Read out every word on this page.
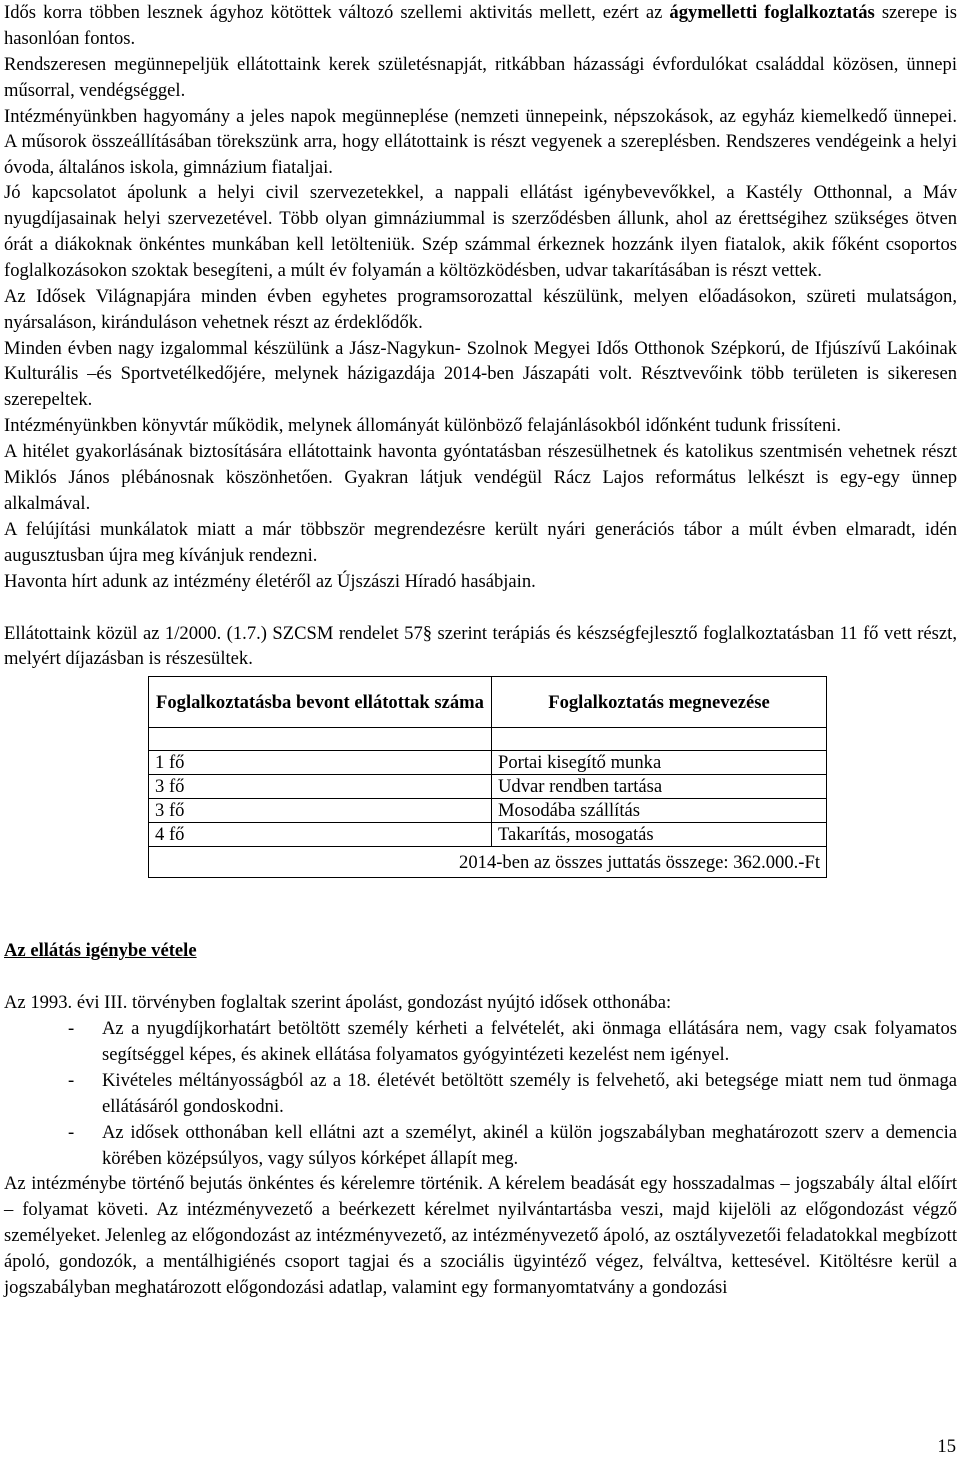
Idős korra többen lesznek ágyhoz kötöttek változó szellemi aktivitás mellett, ezért az ágymelletti foglalkoztatás szerepe is hasonlóan fontos.

Rendszeresen megünnepeljük ellátottaink kerek születésnapját, ritkábban házassági évfordulókat családdal közösen, ünnepi műsorral, vendégséggel.

Intézményünkben hagyomány a jeles napok megünneplése (nemzeti ünnepeink, népszokások, az egyház kiemelkedő ünnepei. A műsorok összeállításában törekszünk arra, hogy ellátottaink is részt vegyenek a szereplésben. Rendszeres vendégeink a helyi óvoda, általános iskola, gimnázium fiataljai.

Jó kapcsolatot ápolunk a helyi civil szervezetekkel, a nappali ellátást igénybevevőkkel, a Kastély Otthonnal, a Máv nyugdíjasainak helyi szervezetével. Több olyan gimnáziummal is szerződésben állunk, ahol az érettségihez szükséges ötven órát a diákoknak önkéntes munkában kell letölteniük. Szép számmal érkeznek hozzánk ilyen fiatalok, akik főként csoportos foglalkozásokon szoktak besegíteni, a múlt év folyamán a költözködésben, udvar takarításában is részt vettek.

Az Idősek Világnapjára minden évben egyhetes programsorozattal készülünk, melyen előadásokon, szüreti mulatságon, nyársaláson, kiránduláson vehetnek részt az érdeklődők.

Minden évben nagy izgalommal készülünk a Jász-Nagykun- Szolnok Megyei Idős Otthonok Szépkorú, de Ifjúszívű Lakóinak Kulturális –és Sportvetélkedőjére, melynek házigazdája 2014-ben Jászapáti volt. Résztvevőink több területen is sikeresen szerepeltek.

Intézményünkben könyvtár működik, melynek állományát különböző felajánlásokból időnként tudunk frissíteni.

A hitélet gyakorlásának biztosítására ellátottaink havonta gyóntatásban részesülhetnek és katolikus szentmisén vehetnek részt Miklós János plébánosnak köszönhetően. Gyakran látjuk vendégül Rácz Lajos református lelkészt is egy-egy ünnep alkalmával.

A felújítási munkálatok miatt a már többször megrendezésre került nyári generációs tábor a múlt évben elmaradt, idén augusztusban újra meg kívánjuk rendezni.

Havonta hírt adunk az intézmény életéről az Újszászi Híradó hasábjain.

Ellátottaink közül az 1/2000. (1.7.) SZCSM rendelet 57§ szerint terápiás és készségfejlesztő foglalkoztatásban 11 fő vett részt, melyért díjazásban is részesültek.

Foglalkoztatásba bevont ellátottak száma	Foglalkoztatás megnevezése

1 fő	Portai kisegítő munka
3 fő	Udvar rendben tartása
3 fő	Mosodába szállítás
4 fő	Takarítás, mosogatás
2014-ben az összes juttatás összege: 362.000.-Ft	

Az ellátás igénybe vétele

Az 1993. évi III. törvényben foglaltak szerint ápolást, gondozást nyújtó idősek otthonába:

- Az a nyugdíjkorhatárt betöltött személy kérheti a felvételét, aki önmaga ellátására nem, vagy csak folyamatos segítséggel képes, és akinek ellátása folyamatos gyógyintézeti kezelést nem igényel.
- Kivételes méltányosságból az a 18. életévét betöltött személy is felvehető, aki betegsége miatt nem tud önmaga ellátásáról gondoskodni.
- Az idősek otthonában kell ellátni azt a személyt, akinél a külön jogszabályban meghatározott szerv a demencia körében középsúlyos, vagy súlyos kórképet állapít meg.

Az intézménybe történő bejutás önkéntes és kérelemre történik. A kérelem beadását egy hosszadalmas – jogszabály által előírt – folyamat követi. Az intézményvezető a beérkezett kérelmet nyilvántartásba veszi, majd kijelöli az előgondozást végző személyeket. Jelenleg az előgondozást az intézményvezető, az intézményvezető ápoló, az osztályvezetői feladatokkal megbízott ápoló, gondozók, a mentálhigiénés csoport tagjai és a szociális ügyintéző végez, felváltva, kettesével. Kitöltésre kerül a jogszabályban meghatározott előgondozási adatlap, valamint egy formanyomtatvány a gondozási

15
